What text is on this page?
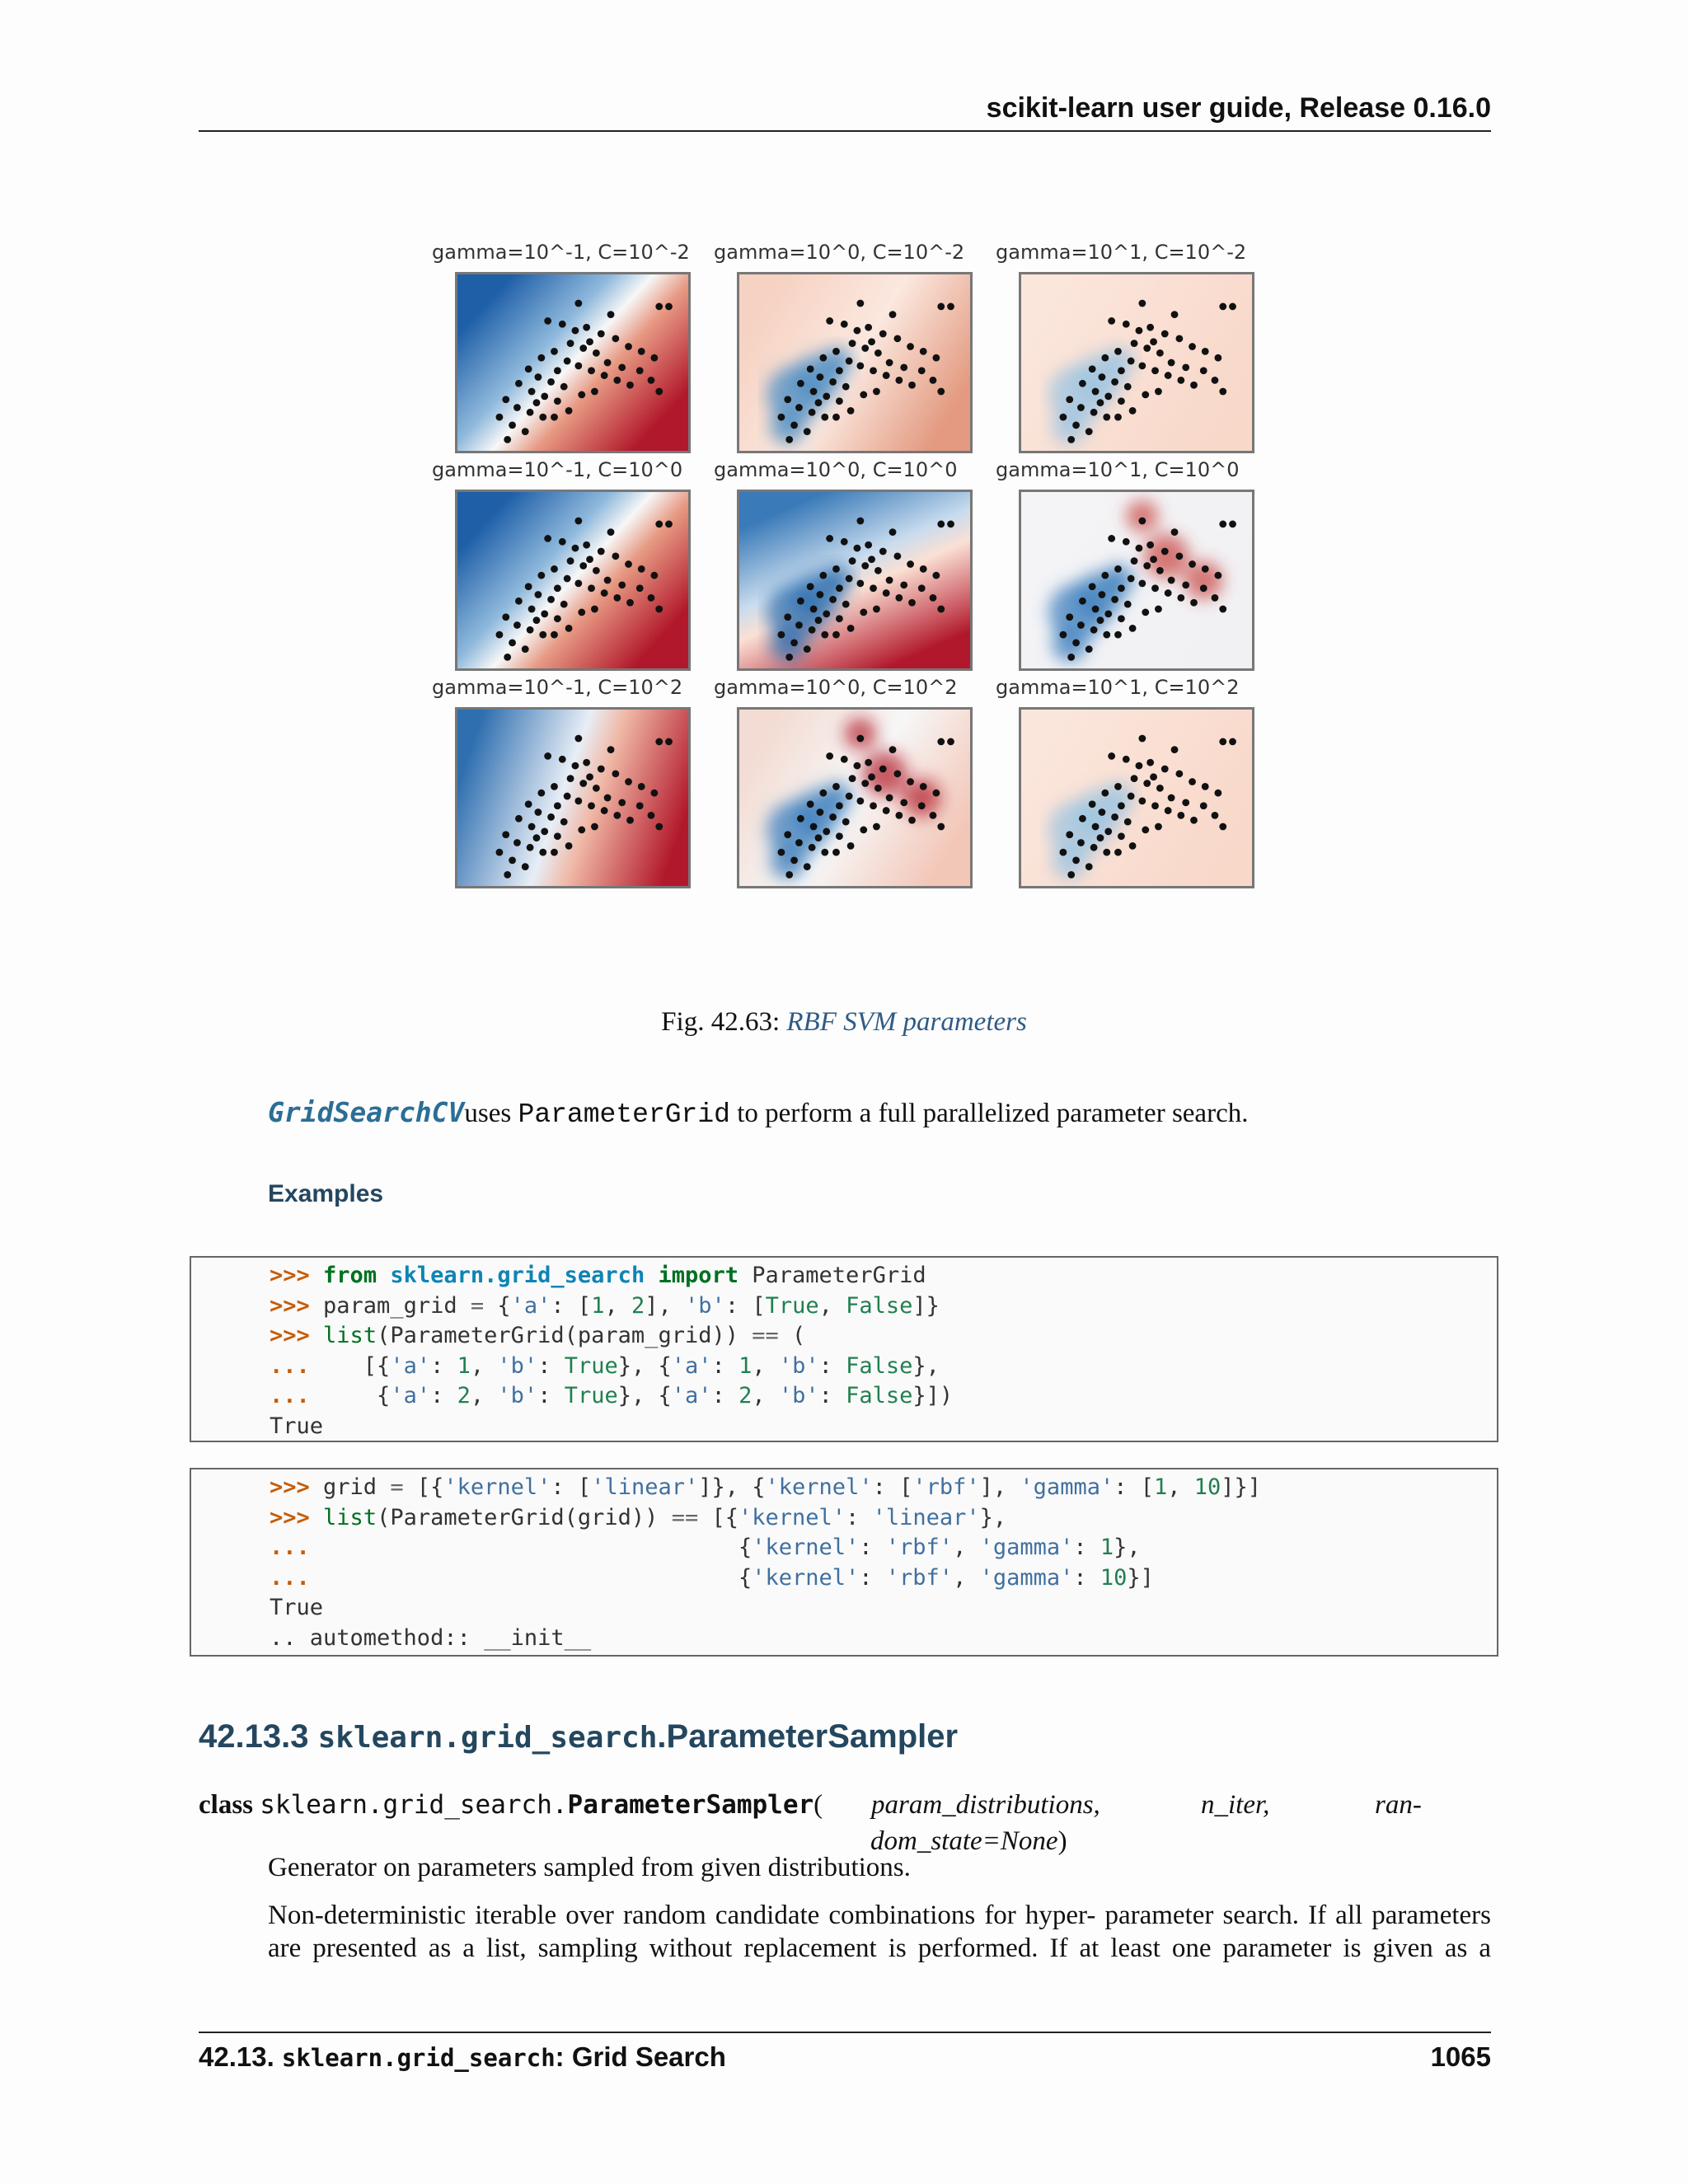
scikit-learn user guide, Release 0.16.0
gamma=10^-1, C=10^-2 gamma=10^0, C=10^-2 gamma=10^1, C=10^-2
gamma=10^-1, C=10^0 gamma=10^0, C=10^0 gamma=10^1, C=10^0
gamma=10^-1, C=10^2 gamma=10^0, C=10^2 gamma=10^1, C=10^2
Fig. 42.63: RBF SVM parameters
GridSearchCVuses ParameterGrid to perform a full parallelized parameter search.
Examples
>>> from sklearn.grid_search import ParameterGrid
>>> param_grid = {'a': [1, 2], 'b': [True, False]}
>>> list(ParameterGrid(param_grid)) == (
...    [{'a': 1, 'b': True}, {'a': 1, 'b': False},
...     {'a': 2, 'b': True}, {'a': 2, 'b': False}])
True
>>> grid = [{'kernel': ['linear']}, {'kernel': ['rbf'], 'gamma': [1, 10]}]
>>> list(ParameterGrid(grid)) == [{'kernel': 'linear'},
...                                {'kernel': 'rbf', 'gamma': 1},
...                                {'kernel': 'rbf', 'gamma': 10}]
True
.. automethod:: __init__
42.13.3 sklearn.grid_search.ParameterSampler
class sklearn.grid_search.ParameterSampler(	param_distributions,	n_iter,	ran-
dom_state=None)
Generator on parameters sampled from given distributions.
Non-deterministic iterable over random candidate combinations for hyper- parameter search. If all parameters are presented as a list, sampling without replacement is performed. If at least one parameter is given as a
42.13. sklearn.grid_search: Grid Search	1065
